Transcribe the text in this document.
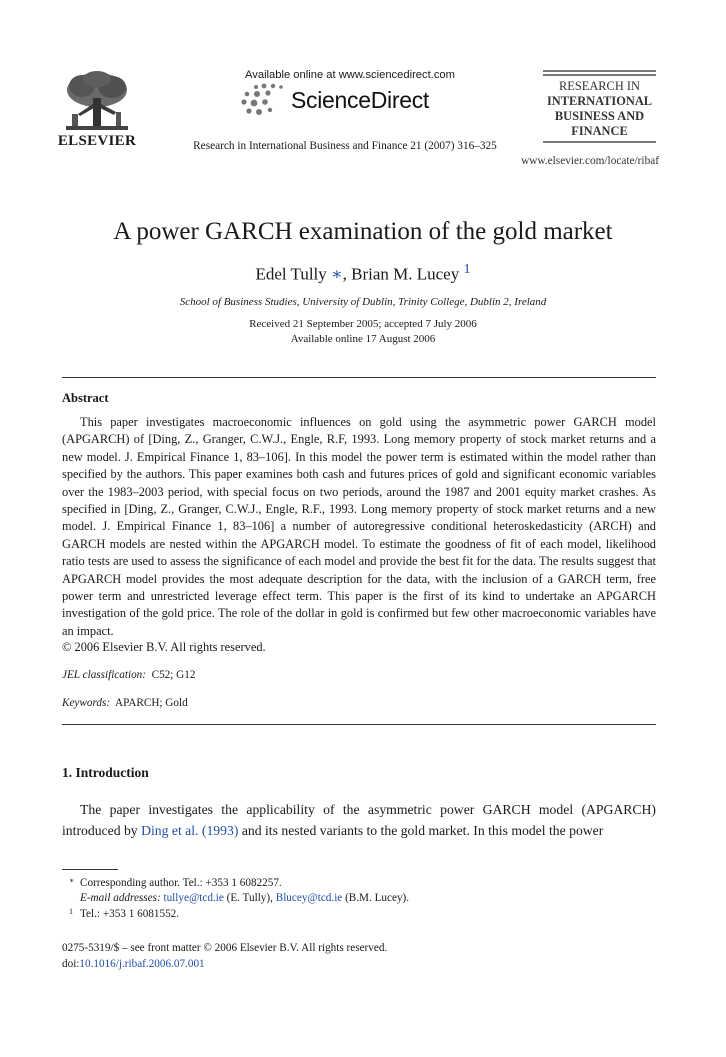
ELSEVIER
Available online at www.sciencedirect.com
ScienceDirect
Research in International Business and Finance 21 (2007) 316–325
RESEARCH IN
INTERNATIONAL
BUSINESS AND
FINANCE
www.elsevier.com/locate/ribaf
A power GARCH examination of the gold market
Edel Tully ∗, Brian M. Lucey $^1$
School of Business Studies, University of Dublin, Trinity College, Dublin 2, Ireland
Received 21 September 2005; accepted 7 July 2006
Available online 17 August 2006
Abstract

This paper investigates macroeconomic influences on gold using the asymmetric power GARCH model (APGARCH) of [Ding, Z., Granger, C.W.J., Engle, R.F, 1993. Long memory property of stock market returns and a new model. J. Empirical Finance 1, 83–106]. In this model the power term is estimated within the model rather than specified by the authors. This paper examines both cash and futures prices of gold and significant economic variables over the 1983–2003 period, with special focus on two periods, around the 1987 and 2001 equity market crashes. As specified in [Ding, Z., Granger, C.W.J., Engle, R.F., 1993. Long memory property of stock market returns and a new model. J. Empirical Finance 1, 83–106] a number of autoregressive conditional heteroskedasticity (ARCH) and GARCH models are nested within the APGARCH model. To estimate the goodness of fit of each model, likelihood ratio tests are used to assess the significance of each model and provide the best fit for the data. The results suggest that APGARCH model provides the most adequate description for the data, with the inclusion of a GARCH term, free power term and unrestricted leverage effect term. This paper is the first of its kind to undertake an APGARCH investigation of the gold price. The role of the dollar in gold is confirmed but few other macroeconomic variables have an impact.

© 2006 Elsevier B.V. All rights reserved.
JEL classification: C52; G12
Keywords: APARCH; Gold
1. Introduction

The paper investigates the applicability of the asymmetric power GARCH model (APGARCH) introduced by Ding et al. (1993) and its nested variants to the gold market. In this model the power

∗ Corresponding author. Tel.: +353 1 6082257.
E-mail addresses: tullye@tcd.ie (E. Tully), Blucey@tcd.ie (B.M. Lucey).
1 Tel.: +353 1 6081552.
0275-5319/$ – see front matter © 2006 Elsevier B.V. All rights reserved.
doi:10.1016/j.ribaf.2006.07.001
